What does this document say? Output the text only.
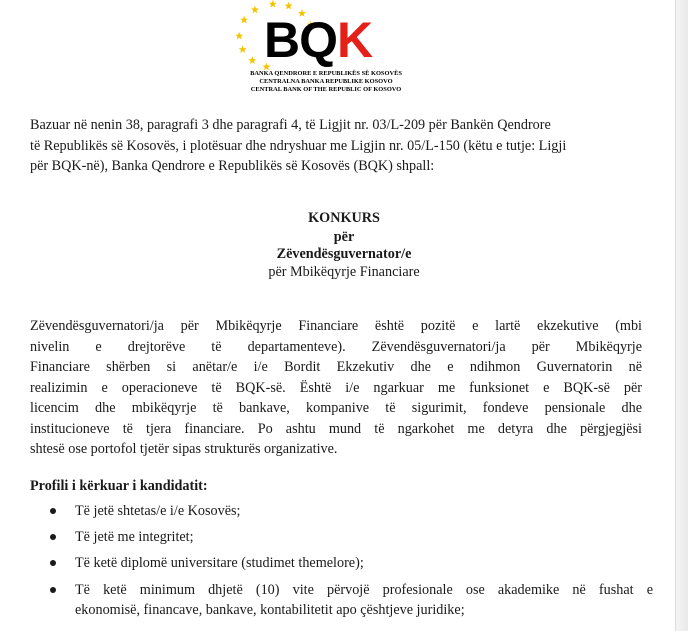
BQK
BANKA QENDRORE E REPUBLIKËS SË KOSOVËS
CENTRALNA BANKA REPUBLIKE KOSOVO
CENTRAL BANK OF THE REPUBLIC OF KOSOVO

Bazuar në nenin 38, paragrafi 3 dhe paragrafi 4, të Ligjit nr. 03/L-209 për Bankën Qendrore
të Republikës së Kosovës, i plotësuar dhe ndryshuar me Ligjin nr. 05/L-150 (këtu e tutje: Ligji
për BQK-në), Banka Qendrore e Republikës së Kosovës (BQK) shpall:

KONKURS
për
Zëvendësguvernator/e
për Mbikëqyrje Financiare

Zëvendësguvernatori/ja për Mbikëqyrje Financiare është pozitë e lartë ekzekutive (mbi
nivelin e drejtorëve të departamenteve). Zëvendësguvernatori/ja për Mbikëqyrje
Financiare shërben si anëtar/e i/e Bordit Ekzekutiv dhe e ndihmon Guvernatorin në
realizimin e operacioneve të BQK-së. Është i/e ngarkuar me funksionet e BQK-së për
licencim dhe mbikëqyrje të bankave, kompanive të sigurimit, fondeve pensionale dhe
institucioneve të tjera financiare. Po ashtu mund të ngarkohet me detyra dhe përgjegjësi
shtesë ose portofol tjetër sipas strukturës organizative.

Profili i kërkuar i kandidatit:

Të jetë shtetas/e i/e Kosovës;
Të jetë me integritet;
Të ketë diplomë universitare (studimet themelore);
Të ketë minimum dhjetë (10) vite përvojë profesionale ose akademike në fushat e
ekonomisë, financave, bankave, kontabilitetit apo çështjeve juridike;
